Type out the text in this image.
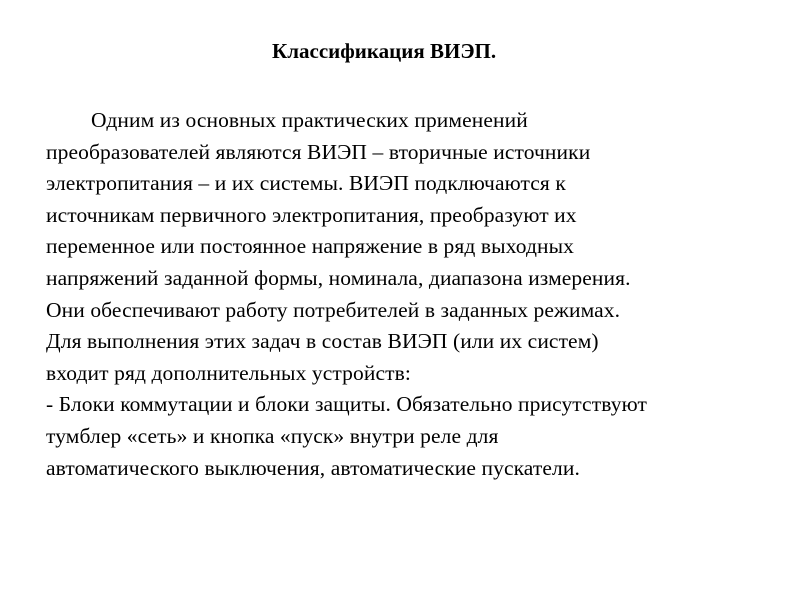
Классификация ВИЭП.
Одним из основных практических применений
преобразователей являются ВИЭП – вторичные источники
электропитания – и их системы. ВИЭП подключаются к
источникам первичного электропитания, преобразуют их
переменное или постоянное напряжение в ряд выходных
напряжений заданной формы, номинала, диапазона измерения.
Они обеспечивают работу потребителей в заданных режимах.
Для выполнения этих задач в состав ВИЭП (или их систем)
входит ряд дополнительных устройств:
- Блоки коммутации и блоки защиты. Обязательно присутствуют
тумблер «сеть» и кнопка «пуск» внутри реле для
автоматического выключения, автоматические пускатели.
